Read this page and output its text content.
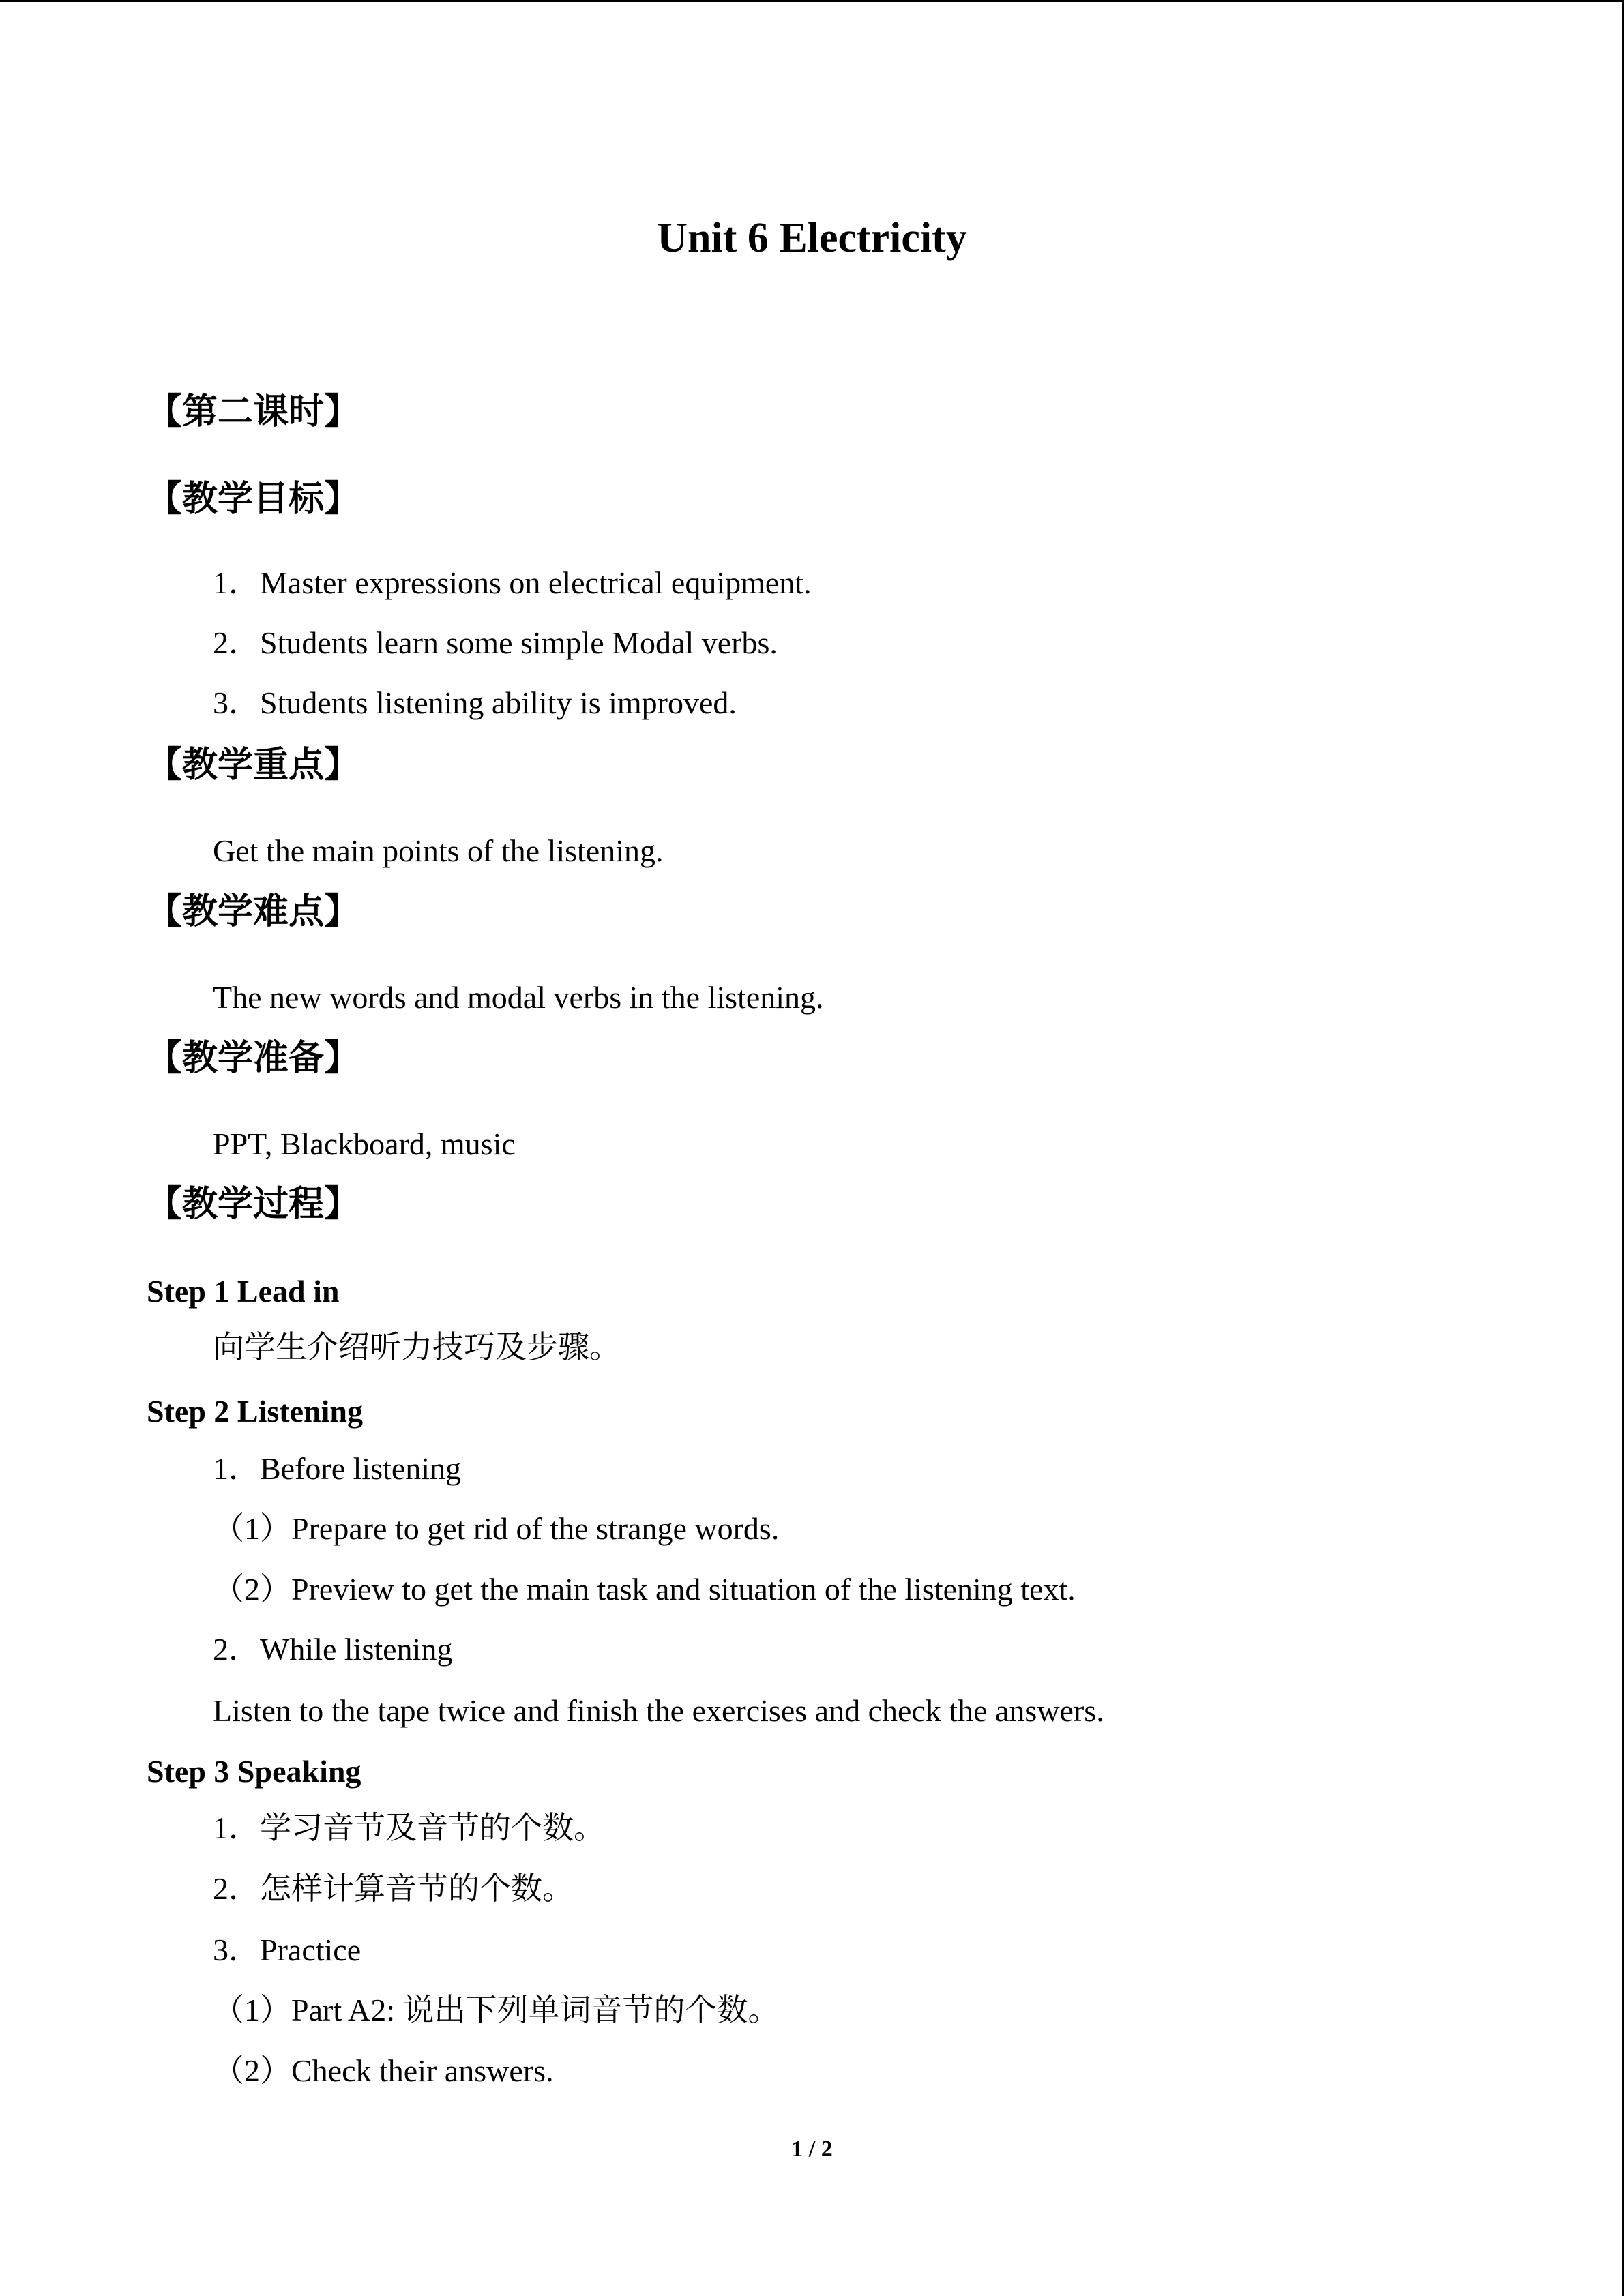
Unit 6 Electricity
【第二课时】
【教学目标】
1．Master expressions on electrical equipment.
2．Students learn some simple Modal verbs.
3．Students listening ability is improved.
【教学重点】
Get the main points of the listening.
【教学难点】
The new words and modal verbs in the listening.
【教学准备】
PPT, Blackboard, music
【教学过程】
Step 1 Lead in
向学生介绍听力技巧及步骤。
Step 2 Listening
1．Before listening
（1）Prepare to get rid of the strange words.
（2）Preview to get the main task and situation of the listening text.
2．While listening
Listen to the tape twice and finish the exercises and check the answers.
Step 3 Speaking
1．学习音节及音节的个数。
2．怎样计算音节的个数。
3．Practice
（1）Part A2: 说出下列单词音节的个数。
（2）Check their answers.
1 / 2
